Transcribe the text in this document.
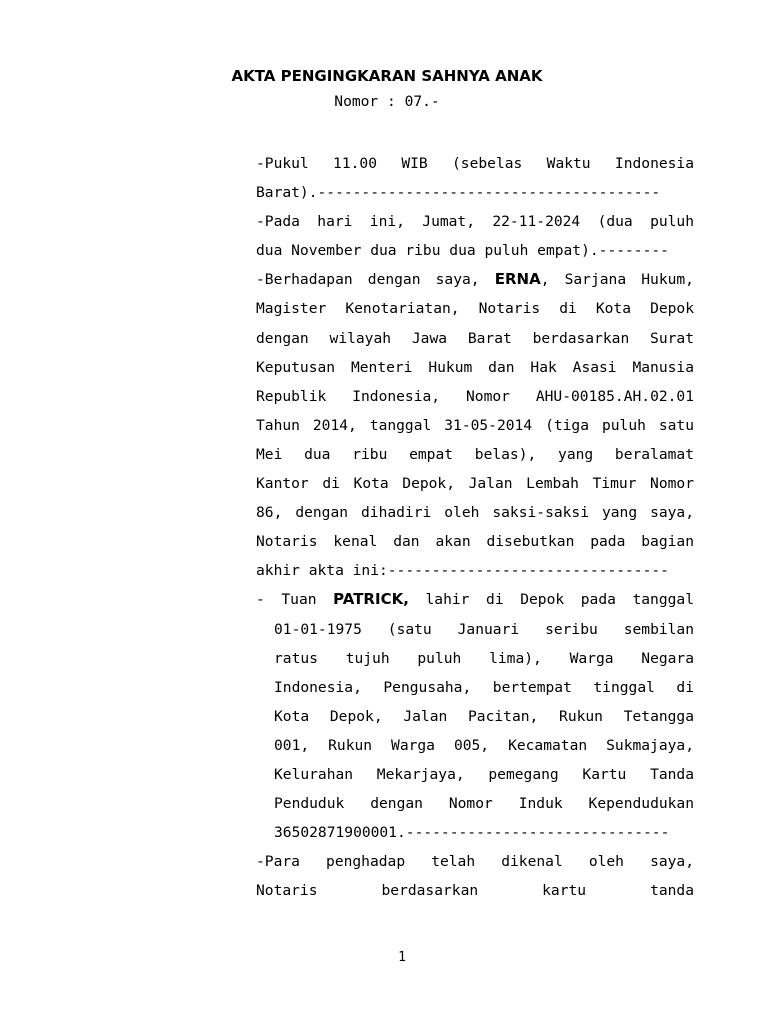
AKTA PENGINGKARAN SAHNYA ANAK
Nomor : 07.-
-Pukul 11.00 WIB (sebelas Waktu Indonesia
Barat).---------------------------------------
-Pada hari ini, Jumat, 22-11-2024 (dua puluh
dua November dua ribu dua puluh empat).--------
-Berhadapan dengan saya, ERNA, Sarjana Hukum,
Magister Kenotariatan, Notaris di Kota Depok
dengan wilayah Jawa Barat berdasarkan Surat
Keputusan Menteri Hukum dan Hak Asasi Manusia
Republik Indonesia, Nomor AHU-00185.AH.02.01
Tahun 2014, tanggal 31-05-2014 (tiga puluh satu
Mei dua ribu empat belas), yang beralamat
Kantor di Kota Depok, Jalan Lembah Timur Nomor
86, dengan dihadiri oleh saksi-saksi yang saya,
Notaris kenal dan akan disebutkan pada bagian
akhir akta ini:--------------------------------
- Tuan PATRICK, lahir di Depok pada tanggal
01-01-1975 (satu Januari seribu sembilan
ratus tujuh puluh lima), Warga Negara
Indonesia, Pengusaha, bertempat tinggal di
Kota Depok, Jalan Pacitan, Rukun Tetangga
001, Rukun Warga 005, Kecamatan Sukmajaya,
Kelurahan Mekarjaya, pemegang Kartu Tanda
Penduduk dengan Nomor Induk Kependudukan
36502871900001.------------------------------
-Para penghadap telah dikenal oleh saya,
Notaris berdasarkan kartu tanda
1
